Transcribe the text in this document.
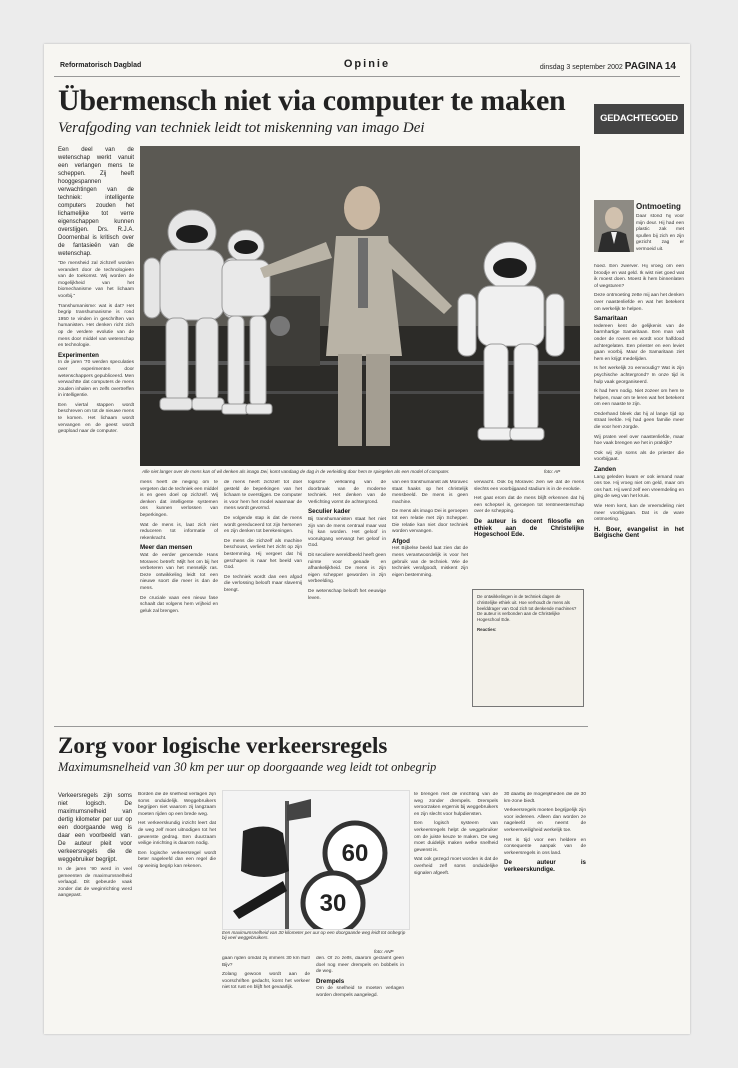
Reformatorisch Dagblad	Opinie	dinsdag 3 september 2002 PAGINA 14
Übermensch niet via computer te maken
Verafgoding van techniek leidt tot miskenning van imago Dei

Een deel van de wetenschap werkt vanuit een verlangen mens te scheppen. Zij heeft hooggespannen verwachtingen van de techniek: intelligente computers zouden het lichamelijke tot verre eigenschappen kunnen overstijgen. Drs. R.J.A. Doornenbal is kritisch over de fantasieën van de wetenschap.

"De mensheid zal zichzelf worden verandert door de technologieën van de toekomst. Wij worden de mogelijkheid van het biomechanisme van het lichaam voorbij."

Transhumanisme: wat is dat? Het begrip transhumanisme is rond 1950 te vinden in geschriften van humanisten. Het denken richt zich op de verdere evolutie van de mens door middel van wetenschap en technologie.

Experimenten

In de jaren '70 werden speculaties over experimenten door wetenschappers gepubliceerd. Men verwachtte dat computers de mens zouden inhalen en zelfs overtreffen in intelligentie.

Een viertal stappen wordt beschreven om tot de nieuwe mens te komen. Het lichaam wordt vervangen en de geest wordt geüpload naar de computer.

Alle niet langer over de mens kan of wil denken als imago Dei, komt vandaag de dag in de verleiding door hem te spiegelen als een model of computer.	foto: AP

mens heeft de neiging om te vergeten dat de techniek een middel is en geen doel op zichzelf. Wij denken dat intelligente systemen ons kunnen verlossen van beperkingen.

Wat de mens is, laat zich niet reduceren tot informatie of rekenkracht.

Meer dan mensen

Wat de eerder genoemde Hans Moravec betreft: Mijlt het om bij het verbeteren van het menselijk ras. Deze ontwikkeling leidt tot een nieuwe soort die meer is dan de mens.

De cruciale vaan een nieuw fase schaalt dat volgens hem vrijheid en geluk zal brengen.

de mens heeft zichzelf tot doel gesteld de beperkingen van het lichaam te overstijgen. De computer is voor hem het model waarnaar de mens wordt gevormd.

De volgende stap is dat de mens wordt gereduceerd tot zijn hersenen en zijn denken tot berekeningen.

De mens die zichzelf als machine beschouwt, verliest het zicht op zijn bestemming. Hij vergeet dat hij geschapen is naar het beeld van God.

De techniek wordt dan een afgod die verlossing belooft maar slavernij brengt.

logische verklaring van de doorbraak van de moderne techniek. Het denken van de Verlichting vormt de achtergrond.

Seculier kader

Bij transhumanisten staat het niet zijn van de mens centraal maar wat hij kan worden. Het geloof in vooruitgang vervangt het geloof in God.

Dit seculiere wereldbeeld heeft geen ruimte voor genade en afhankelijkheid. De mens is zijn eigen schepper geworden in zijn verbeelding.

De wetenschap belooft het eeuwige leven.

van een transhumanist als Moravec staat haaks op het christelijk mensbeeld. De mens is geen machine.

De mens als imago Dei is geroepen tot een relatie met zijn Schepper. Die relatie kan niet door techniek worden vervangen.

Afgod

Het Bijbelse beeld laat zien dat de mens verantwoordelijk is voor het gebruik van de techniek. Wie de techniek verafgoodt, miskent zijn eigen bestemming.

verwacht. Ook bij Moravec zien we dat de mens slechts een voorbijgaand stadium is in de evolutie.

Het gaat erom dat de mens blijft erkennen dat hij een schepsel is, geroepen tot rentmeesterschap over de schepping.

De auteur is docent filosofie en ethiek aan de Christelijke Hogeschool Ede.

De ontwikkelingen in de techniek dagen de christelijke ethiek uit. Hoe verhoudt de mens als beelddrager van God zich tot denkende machines? De auteur is verbonden aan de Christelijke Hogeschool Ede.
Reacties:
GEDACHTEGOED
Ontmoeting

Daar stond hij voor mijn deur. Hij had een plastic zak met spullen bij zich en zijn gezicht zag er vermoeid uit.

hoed. Een zwerver. Hij vroeg om een broodje en wat geld. Ik wist niet goed wat ik moest doen. Moest ik hem binnenlaten of wegsturen?

Deze ontmoeting zette mij aan het denken over naastenliefde en wat het betekent om werkelijk te helpen.

Samaritaan

Iedereen kent de gelijkenis van de barmhartige Samaritaan. Een man valt onder de rovers en wordt voor halfdood achtergelaten. Een priester en een leviet gaan voorbij. Maar de Samaritaan ziet hem en krijgt medelijden.

Is het werkelijk zo eenvoudig? Wat is zijn psychische achtergrond? In onze tijd is hulp vaak georganiseerd.

Ik had hem nodig. Niet zozeer om hem te helpen, maar om te leren wat het betekent om een naaste te zijn.

Onderhand bleek dat hij al lange tijd op straat leefde. Hij had geen familie meer die voor hem zorgde.

Wij praten veel over naastenliefde, maar hoe vaak brengen we het in praktijk?

Ook wij zijn soms als de priester die voorbijgaat.

Zanden

Lang geleden kwam er ook iemand naar ons toe. Hij vroeg niet om geld, maar om ons hart. Hij werd zelf een vreemdeling en ging de weg van het kruis.

Wie Hem kent, kan de vreemdeling niet meer voorbijgaan. Dat is de ware ontmoeting.

H. Boer, evangelist in het Belgische Gent

Zorg voor logische verkeersregels
Maximumsnelheid van 30 km per uur op doorgaande weg leidt tot onbegrip

Verkeersregels zijn soms niet logisch. De maximumsnelheid van dertig kilometer per uur op een doorgaande weg is daar een voorbeeld van. De auteur pleit voor verkeersregels die de weggebruiker begrijpt.

In de jaren '90 werd in veel gemeenten de maximumsnelheid verlaagd. Dit gebeurde vaak zonder dat de weginrichting werd aangepast.

Borden die de snelheid verlagen zijn soms onduidelijk. Weggebruikers begrijpen niet waarom zij langzaam moeten rijden op een brede weg.

Het verkeerskundig inzicht leert dat de weg zelf moet uitnodigen tot het gewenste gedrag. Een duurzaam veilige inrichting is daarom nodig.

Een logische verkeersregel wordt beter nageleefd dan een regel die op weinig begrip kan rekenen.	60
30
Een maximumsnelheid van 30 kilometer per uur op een doorgaande weg leidt tot onbegrip bij veel weggebruikers.
foto: ANP

gaan rijden omdat zij immers 30 km fluit! Bijv?

Zolang gewoon wordt aan de voorschriften gedacht, komt het verkeer niet tot rust en blijft het gevaarlijk.

den. Of zo zelfs, daarom geclaimt geen doel nog meer drempels en bobbels in de weg.

Drempels

Om de snelheid te moeten verlagen worden drempels aangelegd.

te brengen met de inrichting van de weg zonder drempels. Drempels veroorzaken ergernis bij weggebruikers en zijn slecht voor hulpdiensten.

Een logisch systeem van verkeersregels helpt de weggebruiker om de juiste keuze te maken. De weg moet duidelijk maken welke snelheid gewenst is.

Wat ook gezegd moet worden is dat de overheid zelf soms onduidelijke signalen afgeeft.

30 daarbij de mogelijkheden die de 30 km-zone biedt.

Verkeersregels moeten begrijpelijk zijn voor iedereen. Alleen dan worden ze nageleefd en neemt de verkeersveiligheid werkelijk toe.

Het is tijd voor een heldere en consequente aanpak van de verkeersregels in ons land.

De auteur is verkeerskundige.
